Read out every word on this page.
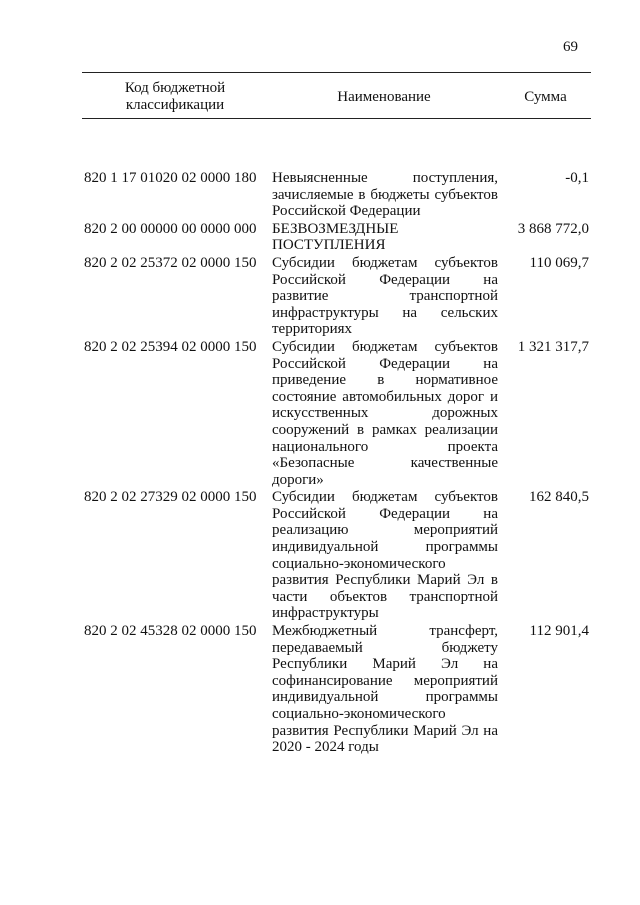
69
Код бюджетной классификации	Наименование	Сумма

820 1 17 01020 02 0000 180	Невыясненные поступления, зачисляемые в бюджеты субъектов Российской Федерации	-0,1
820 2 00 00000 00 0000 000	БЕЗВОЗМЕЗДНЫЕ ПОСТУПЛЕНИЯ	3 868 772,0
820 2 02 25372 02 0000 150	Субсидии бюджетам субъектов Российской Федерации на развитие транспортной инфраструктуры на сельских территориях	110 069,7
820 2 02 25394 02 0000 150	Субсидии бюджетам субъектов Российской Федерации на приведение в нормативное состояние автомобильных дорог и искусственных дорожных сооружений в рамках реализации национального проекта «Безопасные качественные дороги»	1 321 317,7
820 2 02 27329 02 0000 150	Субсидии бюджетам субъектов Российской Федерации на реализацию мероприятий индивидуальной программы социально-экономического развития Республики Марий Эл в части объектов транспортной инфраструктуры	162 840,5
820 2 02 45328 02 0000 150	Межбюджетный трансферт, передаваемый бюджету Республики Марий Эл на софинансирование мероприятий индивидуальной программы социально-экономического развития Республики Марий Эл на 2020 - 2024 годы	112 901,4
